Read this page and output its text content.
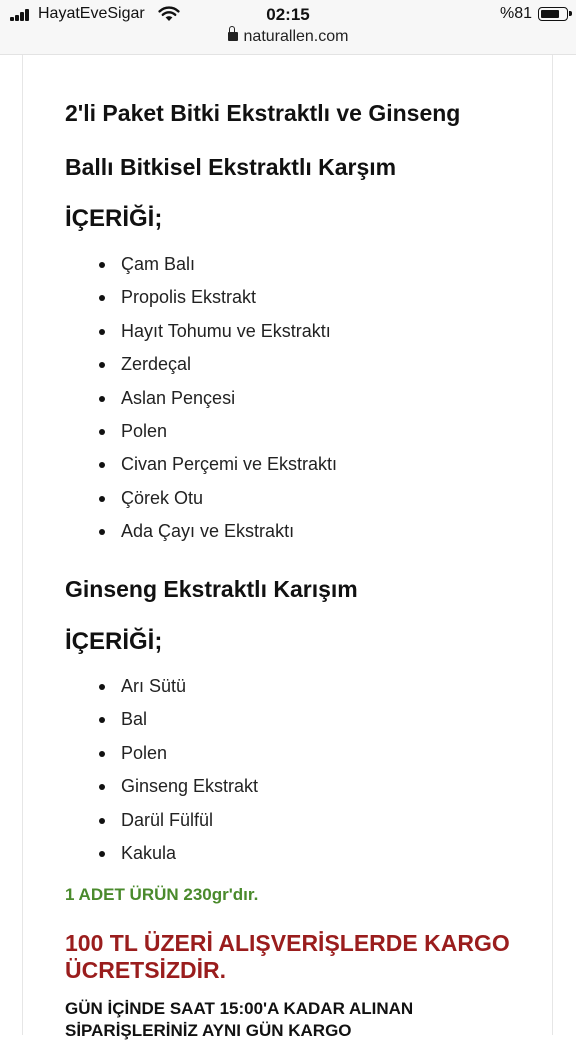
HayatEveSigar	02:15	%81
naturallen.com
2'li Paket Bitki Ekstraktlı ve Ginseng
Ballı Bitkisel Ekstraktlı Karşım
İÇERİĞİ;
Çam Balı
Propolis Ekstrakt
Hayıt Tohumu ve Ekstraktı
Zerdeçal
Aslan Pençesi
Polen
Civan Perçemi ve Ekstraktı
Çörek Otu
Ada Çayı ve Ekstraktı
Ginseng Ekstraktlı Karışım
İÇERİĞİ;
Arı Sütü
Bal
Polen
Ginseng Ekstrakt
Darül Fülfül
Kakula
1 ADET ÜRÜN 230gr'dır.
100 TL ÜZERİ ALIŞVERİŞLERDE KARGO ÜCRETSİZDİR.
GÜN İÇİNDE SAAT 15:00'A KADAR ALINAN
SİPARİŞLERİNİZ AYNI GÜN KARGO
